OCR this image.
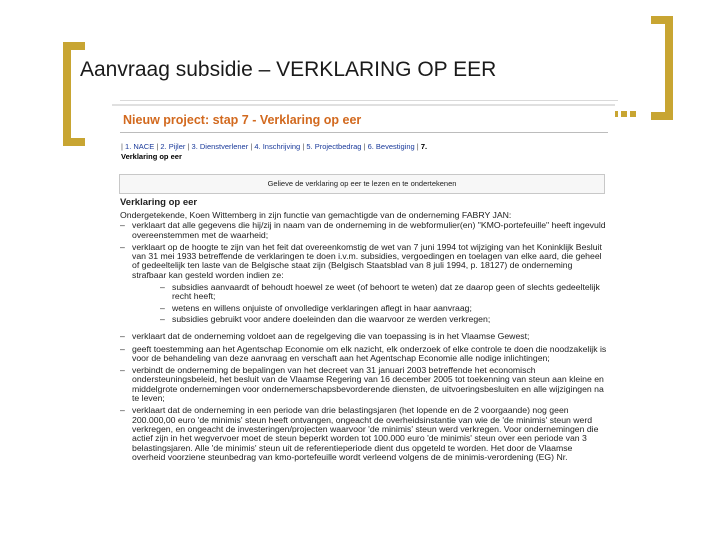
Aanvraag subsidie – VERKLARING OP EER
Nieuw project: stap 7 - Verklaring op eer
| 1. NACE | 2. Pijler | 3. Dienstverlener | 4. Inschrijving | 5. Projectbedrag | 6. Bevestiging | 7. Verklaring op eer
Gelieve de verklaring op eer te lezen en te ondertekenen
Verklaring op eer

Ondergetekende, Koen Wittemberg in zijn functie van gemachtigde van de onderneming FABRY JAN:

– verklaart dat alle gegevens die hij/zij in naam van de onderneming in de webformulier(en) "KMO-portefeuille" heeft ingevuld overeenstemmen met de waarheid;
– verklaart op de hoogte te zijn van het feit dat overeenkomstig de wet van 7 juni 1994 tot wijziging van het Koninklijk Besluit van 31 mei 1933 betreffende de verklaringen te doen i.v.m. subsidies, vergoedingen en toelagen van elke aard, die geheel of gedeeltelijk ten laste van de Belgische staat zijn (Belgisch Staatsblad van 8 juli 1994, p. 18127) de onderneming strafbaar kan gesteld worden indien ze:
– subsidies aanvaardt of behoudt hoewel ze weet (of behoort te weten) dat ze daarop geen of slechts gedeeltelijk recht heeft;
– wetens en willens onjuiste of onvolledige verklaringen aflegt in haar aanvraag;
– subsidies gebruikt voor andere doeleinden dan die waarvoor ze werden verkregen;
– verklaart dat de onderneming voldoet aan de regelgeving die van toepassing is in het Vlaamse Gewest;
– geeft toestemming aan het Agentschap Economie om elk nazicht, elk onderzoek of elke controle te doen die noodzakelijk is voor de behandeling van deze aanvraag en verschaft aan het Agentschap Economie alle nodige inlichtingen;
– verbindt de onderneming de bepalingen van het decreet van 31 januari 2003 betreffende het economisch ondersteuningsbeleid, het besluit van de Vlaamse Regering van 16 december 2005 tot toekenning van steun aan kleine en middelgrote ondernemingen voor ondernemerschapsbevorderende diensten, de uitvoeringsbesluiten en alle wijzigingen na te leven;
– verklaart dat de onderneming in een periode van drie belastingsjaren (het lopende en de 2 voorgaande) nog geen 200.000,00 euro 'de minimis' steun heeft ontvangen, ongeacht de overheidsinstantie van wie de 'de minimis' steun werd verkregen, en ongeacht de investeringen/projecten waarvoor 'de minimis' steun werd verkregen. Voor ondernemingen die actief zijn in het wegvervoer moet de steun beperkt worden tot 100.000 euro 'de minimis' steun over een periode van 3 belastingsjaren. Alle 'de minimis' steun uit de referentieperiode dient dus opgeteld te worden. Het door de Vlaamse overheid voorziene steunbedrag van kmo-portefeuille wordt verleend volgens de de minimis-verordening (EG) Nr.
